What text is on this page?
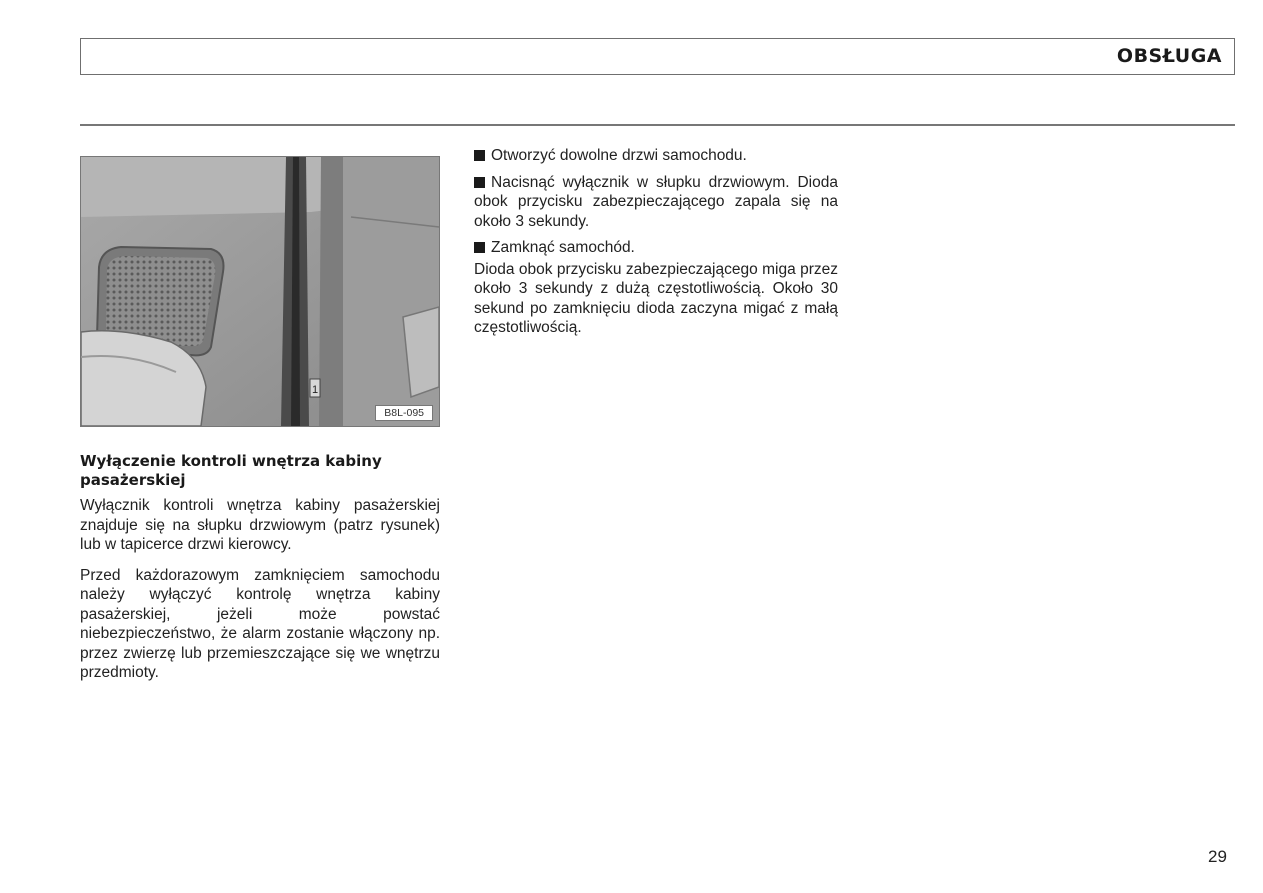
OBSŁUGA
1
B8L-095
Wyłączenie kontroli wnętrza kabiny pasażerskiej

Wyłącznik kontroli wnętrza kabiny pasażerskiej znajduje się na słupku drzwiowym (patrz rysunek) lub w tapicerce drzwi kierowcy.

Przed każdorazowym zamknięciem samochodu należy wyłączyć kontrolę wnętrza kabiny pasażerskiej, jeżeli może powstać niebezpieczeństwo, że alarm zostanie włączony np. przez zwierzę lub przemieszczające się we wnętrzu przedmioty.

Otworzyć dowolne drzwi samochodu.

Nacisnąć wyłącznik w słupku drzwiowym. Dioda obok przycisku zabezpieczającego zapala się na około 3 sekundy.

Zamknąć samochód.

Dioda obok przycisku zabezpieczającego miga przez około 3 sekundy z dużą częstotliwością. Około 30 sekund po zamknięciu dioda zaczyna migać z małą częstotliwością.

29
